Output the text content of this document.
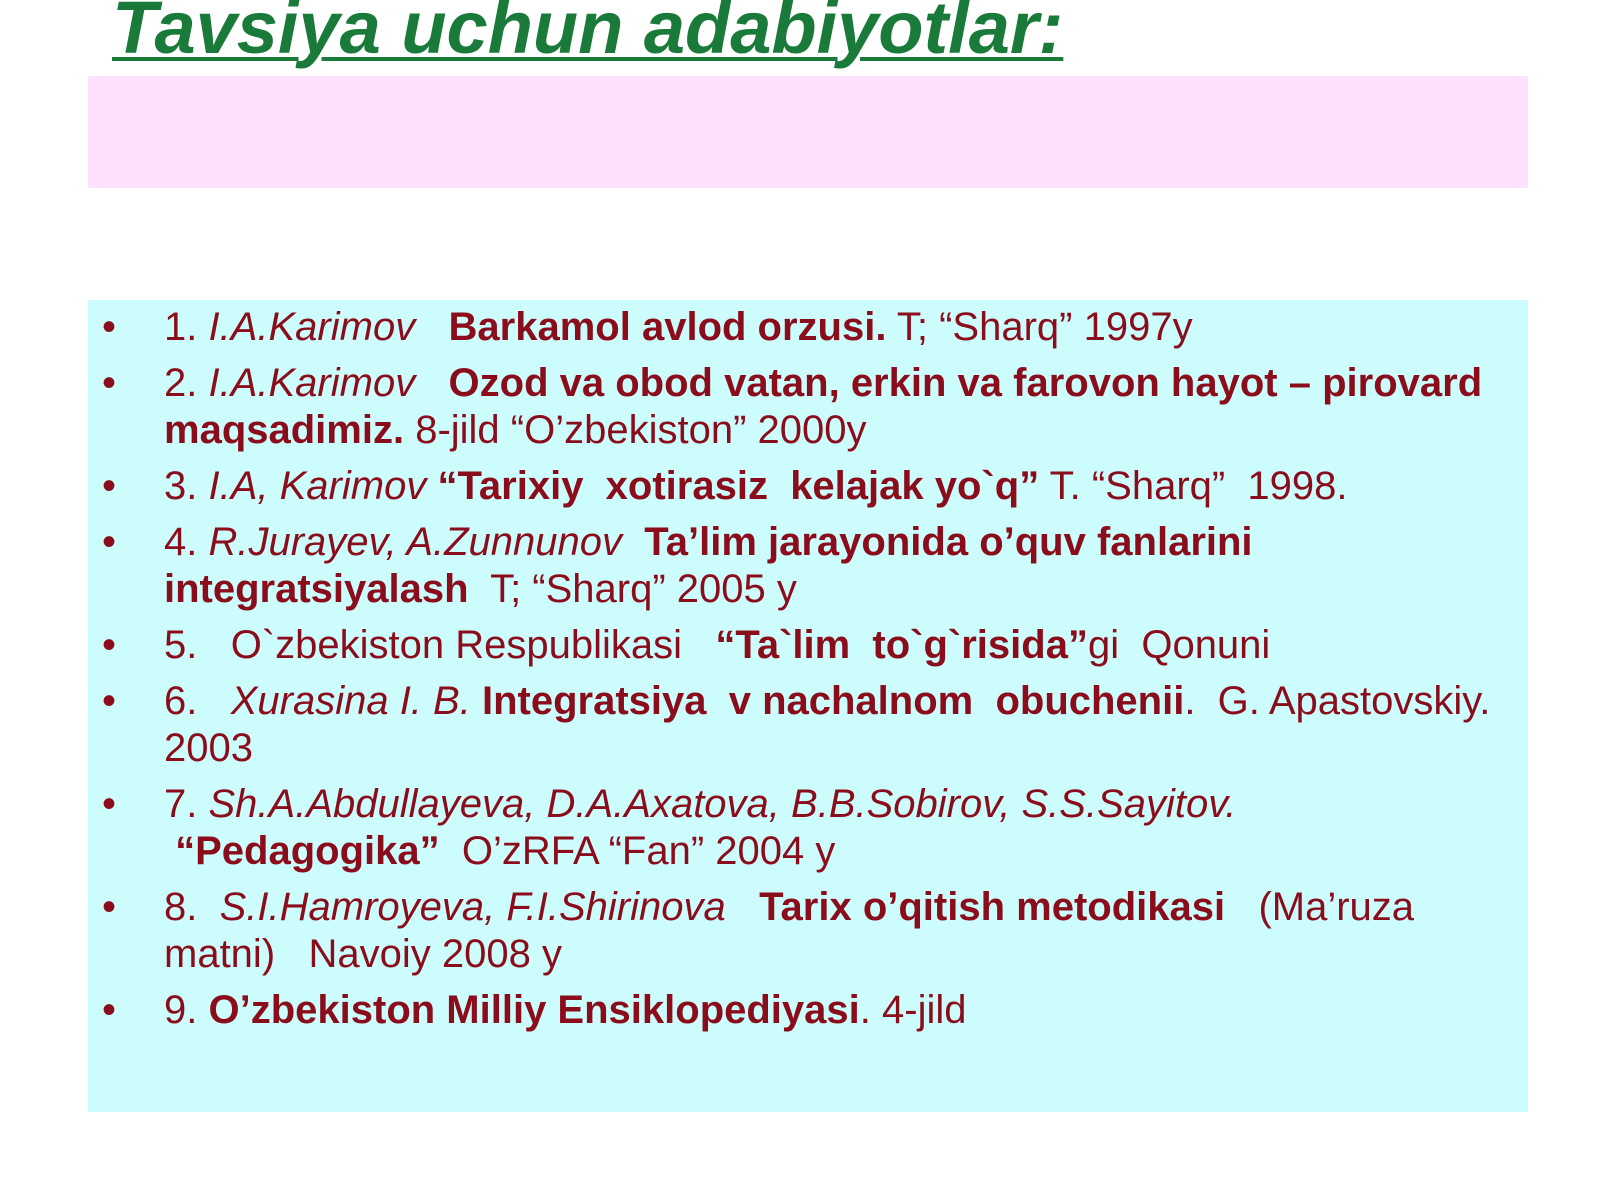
Tavsiya uchun adabiyotlar:
• 1. I.A.Karimov Barkamol avlod orzusi. T; “Sharq” 1997y
• 2. I.A.Karimov Ozod va obod vatan, erkin va farovon hayot – pirovard maqsadimiz. 8-jild “O’zbekiston” 2000y
• 3. I.A, Karimov “Tarixiy  xotirasiz  kelajak yo`q” T. “Sharq”  1998.
• 4. R.Jurayev, A.Zunnunov Ta’lim jarayonida o’quv fanlarini integratsiyalash  T; “Sharq” 2005 y
• 5.   O`zbekiston Respublikasi   “Ta`lim  to`g`risida”gi  Qonuni
• 6.   Xurasina I. B. Integratsiya  v nachalnom  obuchenii.  G. Apastovskiy.  2003
• 7. Sh.A.Abdullayeva, D.A.Axatova, B.B.Sobirov, S.S.Sayitov. “Pedagogika”  O’zRFA “Fan” 2004 y
• 8.  S.I.Hamroyeva, F.I.Shirinova Tarix o’qitish metodikasi   (Ma’ruza matni)   Navoiy 2008 y
• 9. O’zbekiston Milliy Ensiklopediyasi. 4-jild
